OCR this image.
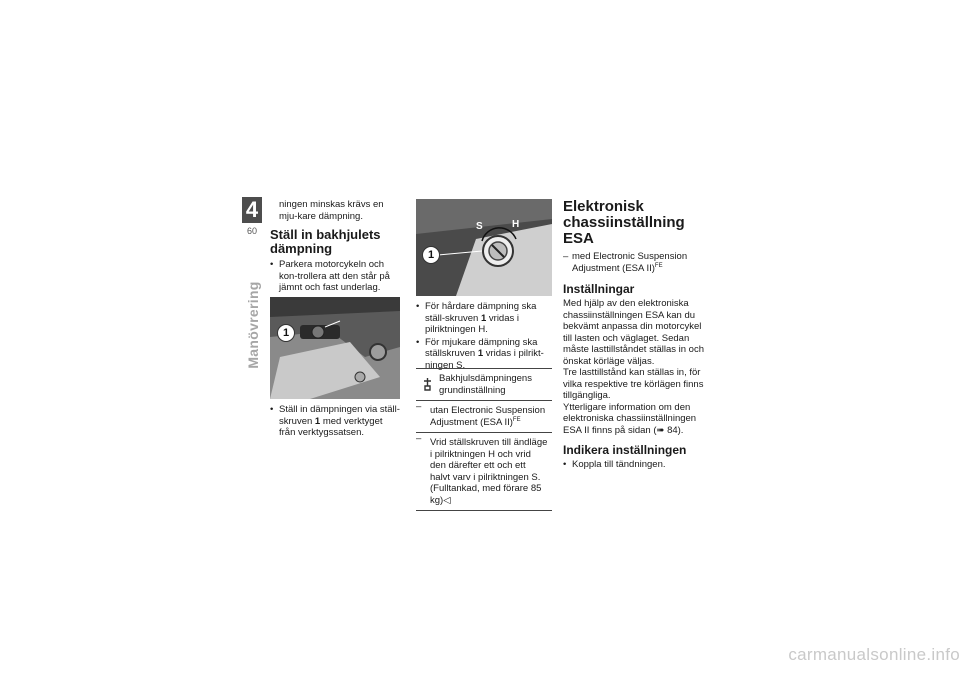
4
60
Manövrering

ningen minskas krävs en mju-kare dämpning.

Ställ in bakhjulets dämpning

• Parkera motorcykeln och kon-trollera att den står på jämnt och fast underlag.

1

• Ställ in dämpningen via ställ-skruven 1 med verktyget från verktygssatsen.

S	H
1

• För hårdare dämpning ska ställ-skruven 1 vridas i pilriktningen H.

• För mjukare dämpning ska ställskruven 1 vridas i pilrikt-ningen S.

Bakhjulsdämpningens grundinställning
– utan Electronic Suspension Adjustment (ESA II)$^{FE}$
– Vrid ställskruven till ändläge i pilriktningen H och vrid den därefter ett och ett halvt varv i pilriktningen S. (Fulltankad, med förare 85 kg)◁

Elektronisk chassiinställning ESA

– med Electronic Suspension Adjustment (ESA II)$^{FE}$

Inställningar

Med hjälp av den elektroniska chassiinställningen ESA kan du bekvämt anpassa din motorcykel till lasten och väglaget. Sedan måste lasttillståndet ställas in och önskat körläge väljas.

Tre lasttillstånd kan ställas in, för vilka respektive tre körlägen finns tillgängliga.

Ytterligare information om den elektroniska chassiinställningen ESA II finns på sidan (➠ 84).

Indikera inställningen

• Koppla till tändningen.

carmanualsonline.info
